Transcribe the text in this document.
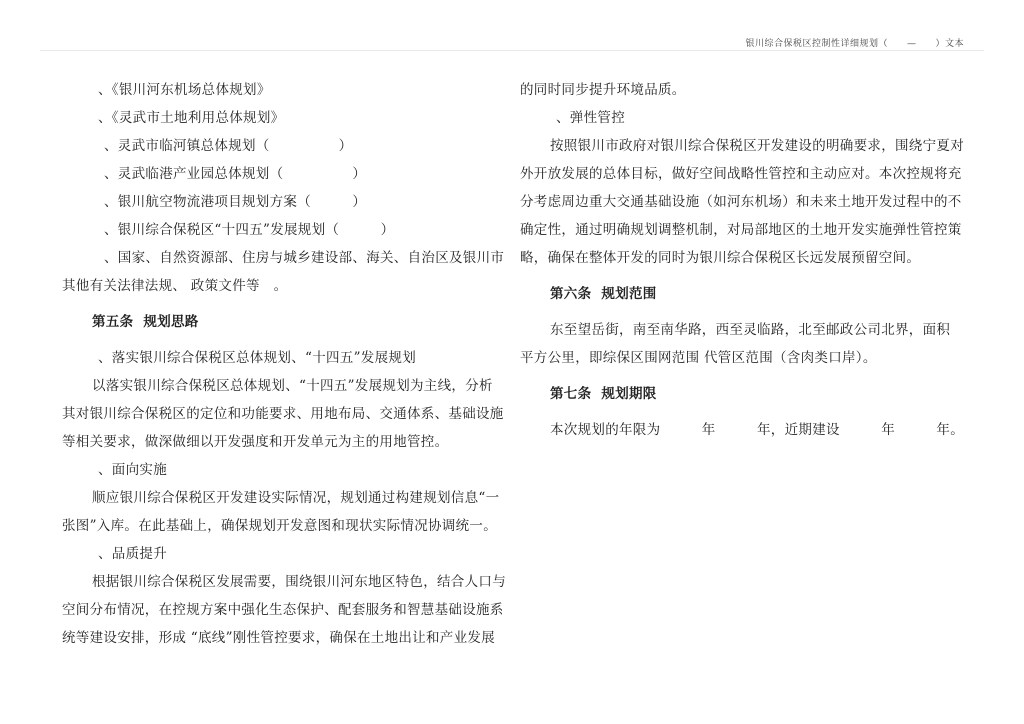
银川综合保税区控制性详细规划（　　—　　）文本
、《银川河东机场总体规划》
、《灵武市土地利用总体规划》
、灵武市临河镇总体规划（　　　　　）
、灵武临港产业园总体规划（　　　　　）
、银川航空物流港项目规划方案（　　　）
、银川综合保税区“十四五”发展规划（　　　）
、国家、自然资源部、住房与城乡建设部、海关、自治区及银川市
其他有关法律法规、 政策文件等　。
第五条  规划思路
、落实银川综合保税区总体规划、“十四五”发展规划
以落实银川综合保税区总体规划、“十四五”发展规划为主线，分析
其对银川综合保税区的定位和功能要求、用地布局、交通体系、基础设施
等相关要求，做深做细以开发强度和开发单元为主的用地管控。
、面向实施
顺应银川综合保税区开发建设实际情况，规划通过构建规划信息“一
张图”入库。在此基础上，确保规划开发意图和现状实际情况协调统一。
、品质提升
根据银川综合保税区发展需要，围绕银川河东地区特色，结合人口与
空间分布情况，在控规方案中强化生态保护、配套服务和智慧基础设施系
统等建设安排，形成 “底线”刚性管控要求，确保在土地出让和产业发展
的同时同步提升环境品质。
、弹性管控
按照银川市政府对银川综合保税区开发建设的明确要求，围绕宁夏对
外开放发展的总体目标，做好空间战略性管控和主动应对。本次控规将充
分考虑周边重大交通基础设施（如河东机场）和未来土地开发过程中的不
确定性，通过明确规划调整机制，对局部地区的土地开发实施弹性管控策
略，确保在整体开发的同时为银川综合保税区长远发展预留空间。
第六条  规划范围
东至望岳街，南至南华路，西至灵临路，北至邮政公司北界，面积
平方公里，即综保区围网范围 代管区范围（含肉类口岸）。
第七条  规划期限
本次规划的年限为　　　年　　　年，近期建设　　　年　　　年。
